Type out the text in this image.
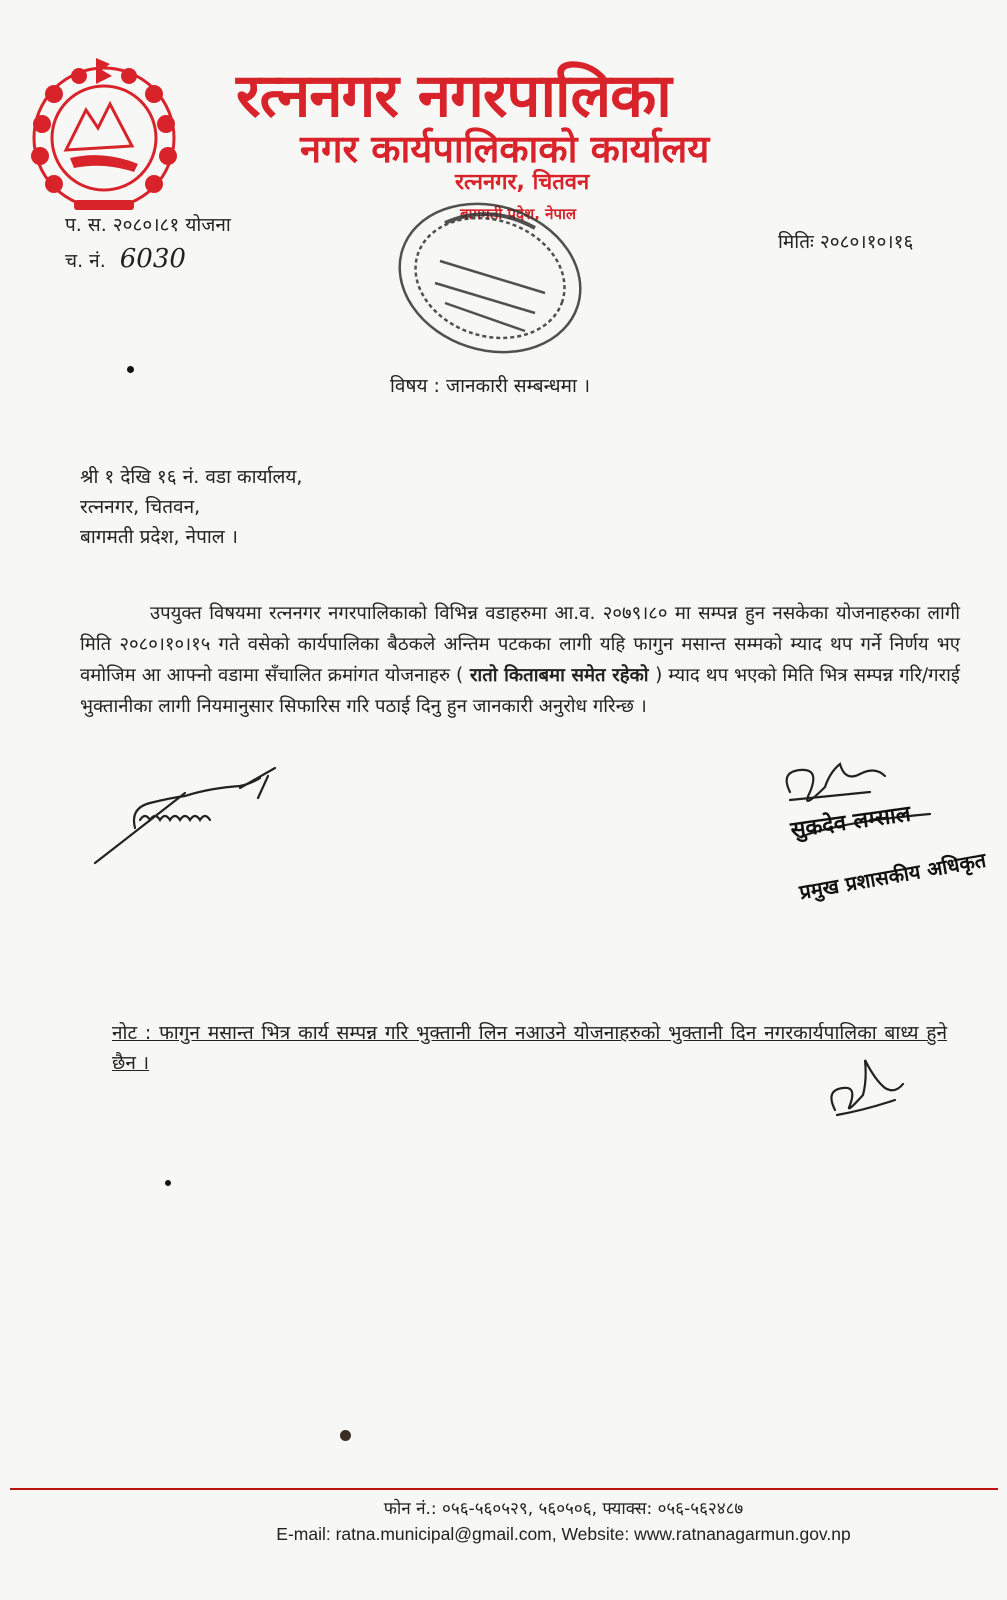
रत्ननगर नगरपालिका
नगर कार्यपालिकाको कार्यालय
रत्ननगर, चितवन
बागमती प्रदेश, नेपाल
प. स. २०८०।८१ योजना
च. नं. 6030
मितिः २०८०।१०।१६
विषय : जानकारी सम्बन्धमा ।
श्री १ देखि १६ नं. वडा कार्यालय,
रत्ननगर, चितवन,
बागमती प्रदेश, नेपाल ।

उपयुक्त विषयमा रत्ननगर नगरपालिकाको विभिन्न वडाहरुमा आ.व. २०७९।८० मा सम्पन्न हुन नसकेका योजनाहरुका लागी मिति २०८०।१०।१५ गते वसेको कार्यपालिका बैठकले अन्तिम पटकका लागी यहि फागुन मसान्त सम्मको म्याद थप गर्ने निर्णय भए वमोजिम आ आफ्नो वडामा सँचालित क्रमांगत योजनाहरु ( रातो किताबमा समेत रहेको ) म्याद थप भएको मिति भित्र सम्पन्न गरि/गराई भुक्तानीका लागी नियमानुसार सिफारिस गरि पठाई दिनु हुन जानकारी अनुरोध गरिन्छ ।

सुकदेव लम्साल
प्रमुख प्रशासकीय अधिकृत
नोट : फागुन मसान्त भित्र कार्य सम्पन्न गरि भुक्तानी लिन नआउने योजनाहरुको भुक्तानी दिन नगरकार्यपालिका बाध्य हुने छैन ।
फोन नं.: ०५६-५६०५२९, ५६०५०६, फ्याक्स: ०५६-५६२४८७
E-mail: ratna.municipal@gmail.com, Website: www.ratnanagarmun.gov.np
